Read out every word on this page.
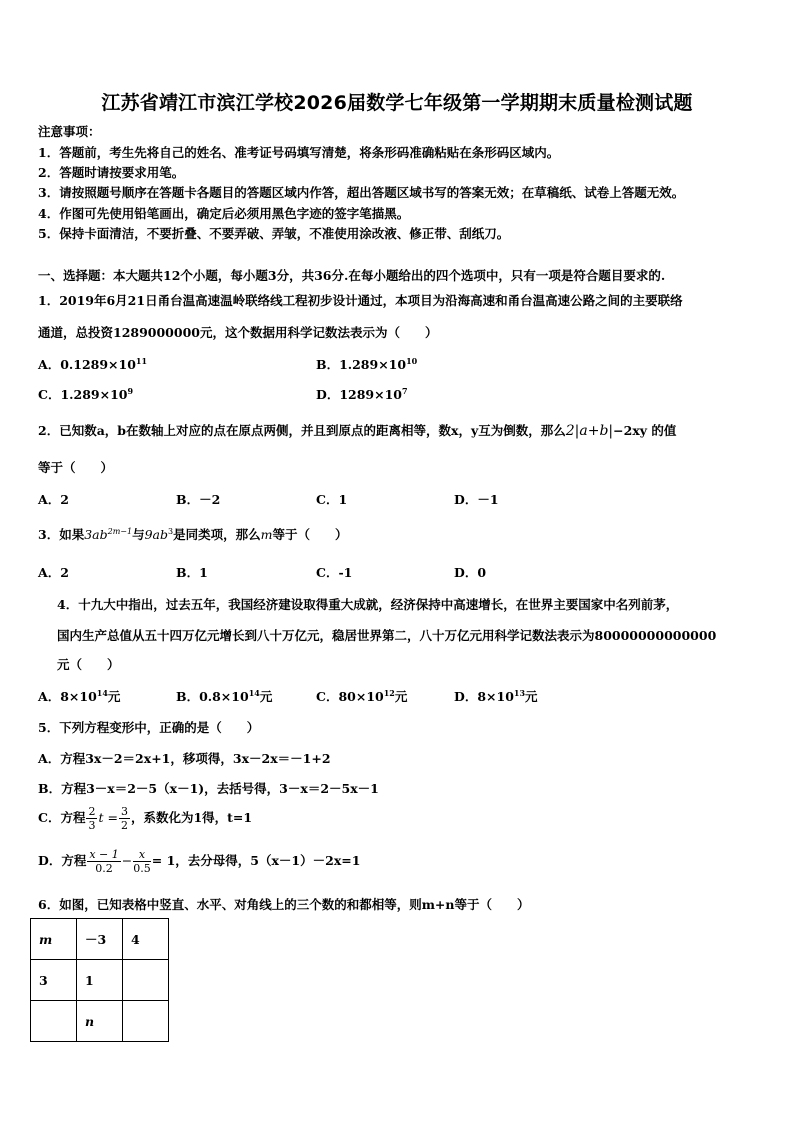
江苏省靖江市滨江学校2026届数学七年级第一学期期末质量检测试题
注意事项：
1．答题前，考生先将自己的姓名、准考证号码填写清楚，将条形码准确粘贴在条形码区域内。
2．答题时请按要求用笔。
3．请按照题号顺序在答题卡各题目的答题区域内作答，超出答题区域书写的答案无效；在草稿纸、试卷上答题无效。
4．作图可先使用铅笔画出，确定后必须用黑色字迹的签字笔描黑。
5．保持卡面清洁，不要折叠、不要弄破、弄皱，不准使用涂改液、修正带、刮纸刀。
一、选择题：本大题共12个小题，每小题3分，共36分.在每小题给出的四个选项中，只有一项是符合题目要求的.
1．2019年6月21日甬台温高速温岭联络线工程初步设计通过，本项目为沿海高速和甬台温高速公路之间的主要联络
通道，总投资1289000000元，这个数据用科学记数法表示为（　　）
A．$0.1289\times 10^{11}$	B．$1.289\times 10^{10}$
C．$1.289\times 10^9$	D．$1289\times 10^7$
2．已知数a，b在数轴上对应的点在原点两侧，并且到原点的距离相等，数x，y互为倒数，那么2|a+b|−2xy 的值
等于（　　）
A．2	B．－2	C．1	D．－1
3．如果$3ab^{2m-1}$与$9ab^3$是同类项，那么m等于（　　）
A．2	B．1	C．-1	D．0
4．十九大中指出，过去五年，我国经济建设取得重大成就，经济保持中高速增长，在世界主要国家中名列前茅，
国内生产总值从五十四万亿元增长到八十万亿元，稳居世界第二，八十万亿元用科学记数法表示为80000000000000
元（　　）
A．$8\times 10^{14}$元	B．$0.8\times 10^{14}$元	C．$80\times 10^{12}$元	D．$8\times 10^{13}$元
5．下列方程变形中，正确的是（　　）
A．方程3x－2＝2x+1，移项得，3x－2x＝－1+2
B．方程3－x＝2－5（x－1)，去括号得，3－x＝2－5x－1
C．方程 $\frac{2}{3}$ $t = \frac{3}{2}$ ，系数化为1得，t=1
D．方程 $\frac{x - 1}{0.2} - \frac{x}{0.5} = 1$，去分母得，5（x－1）－2x=1
6．如图，已知表格中竖直、水平、对角线上的三个数的和都相等，则m+n等于（　　）
m	－3	4
3	1	
	n	
